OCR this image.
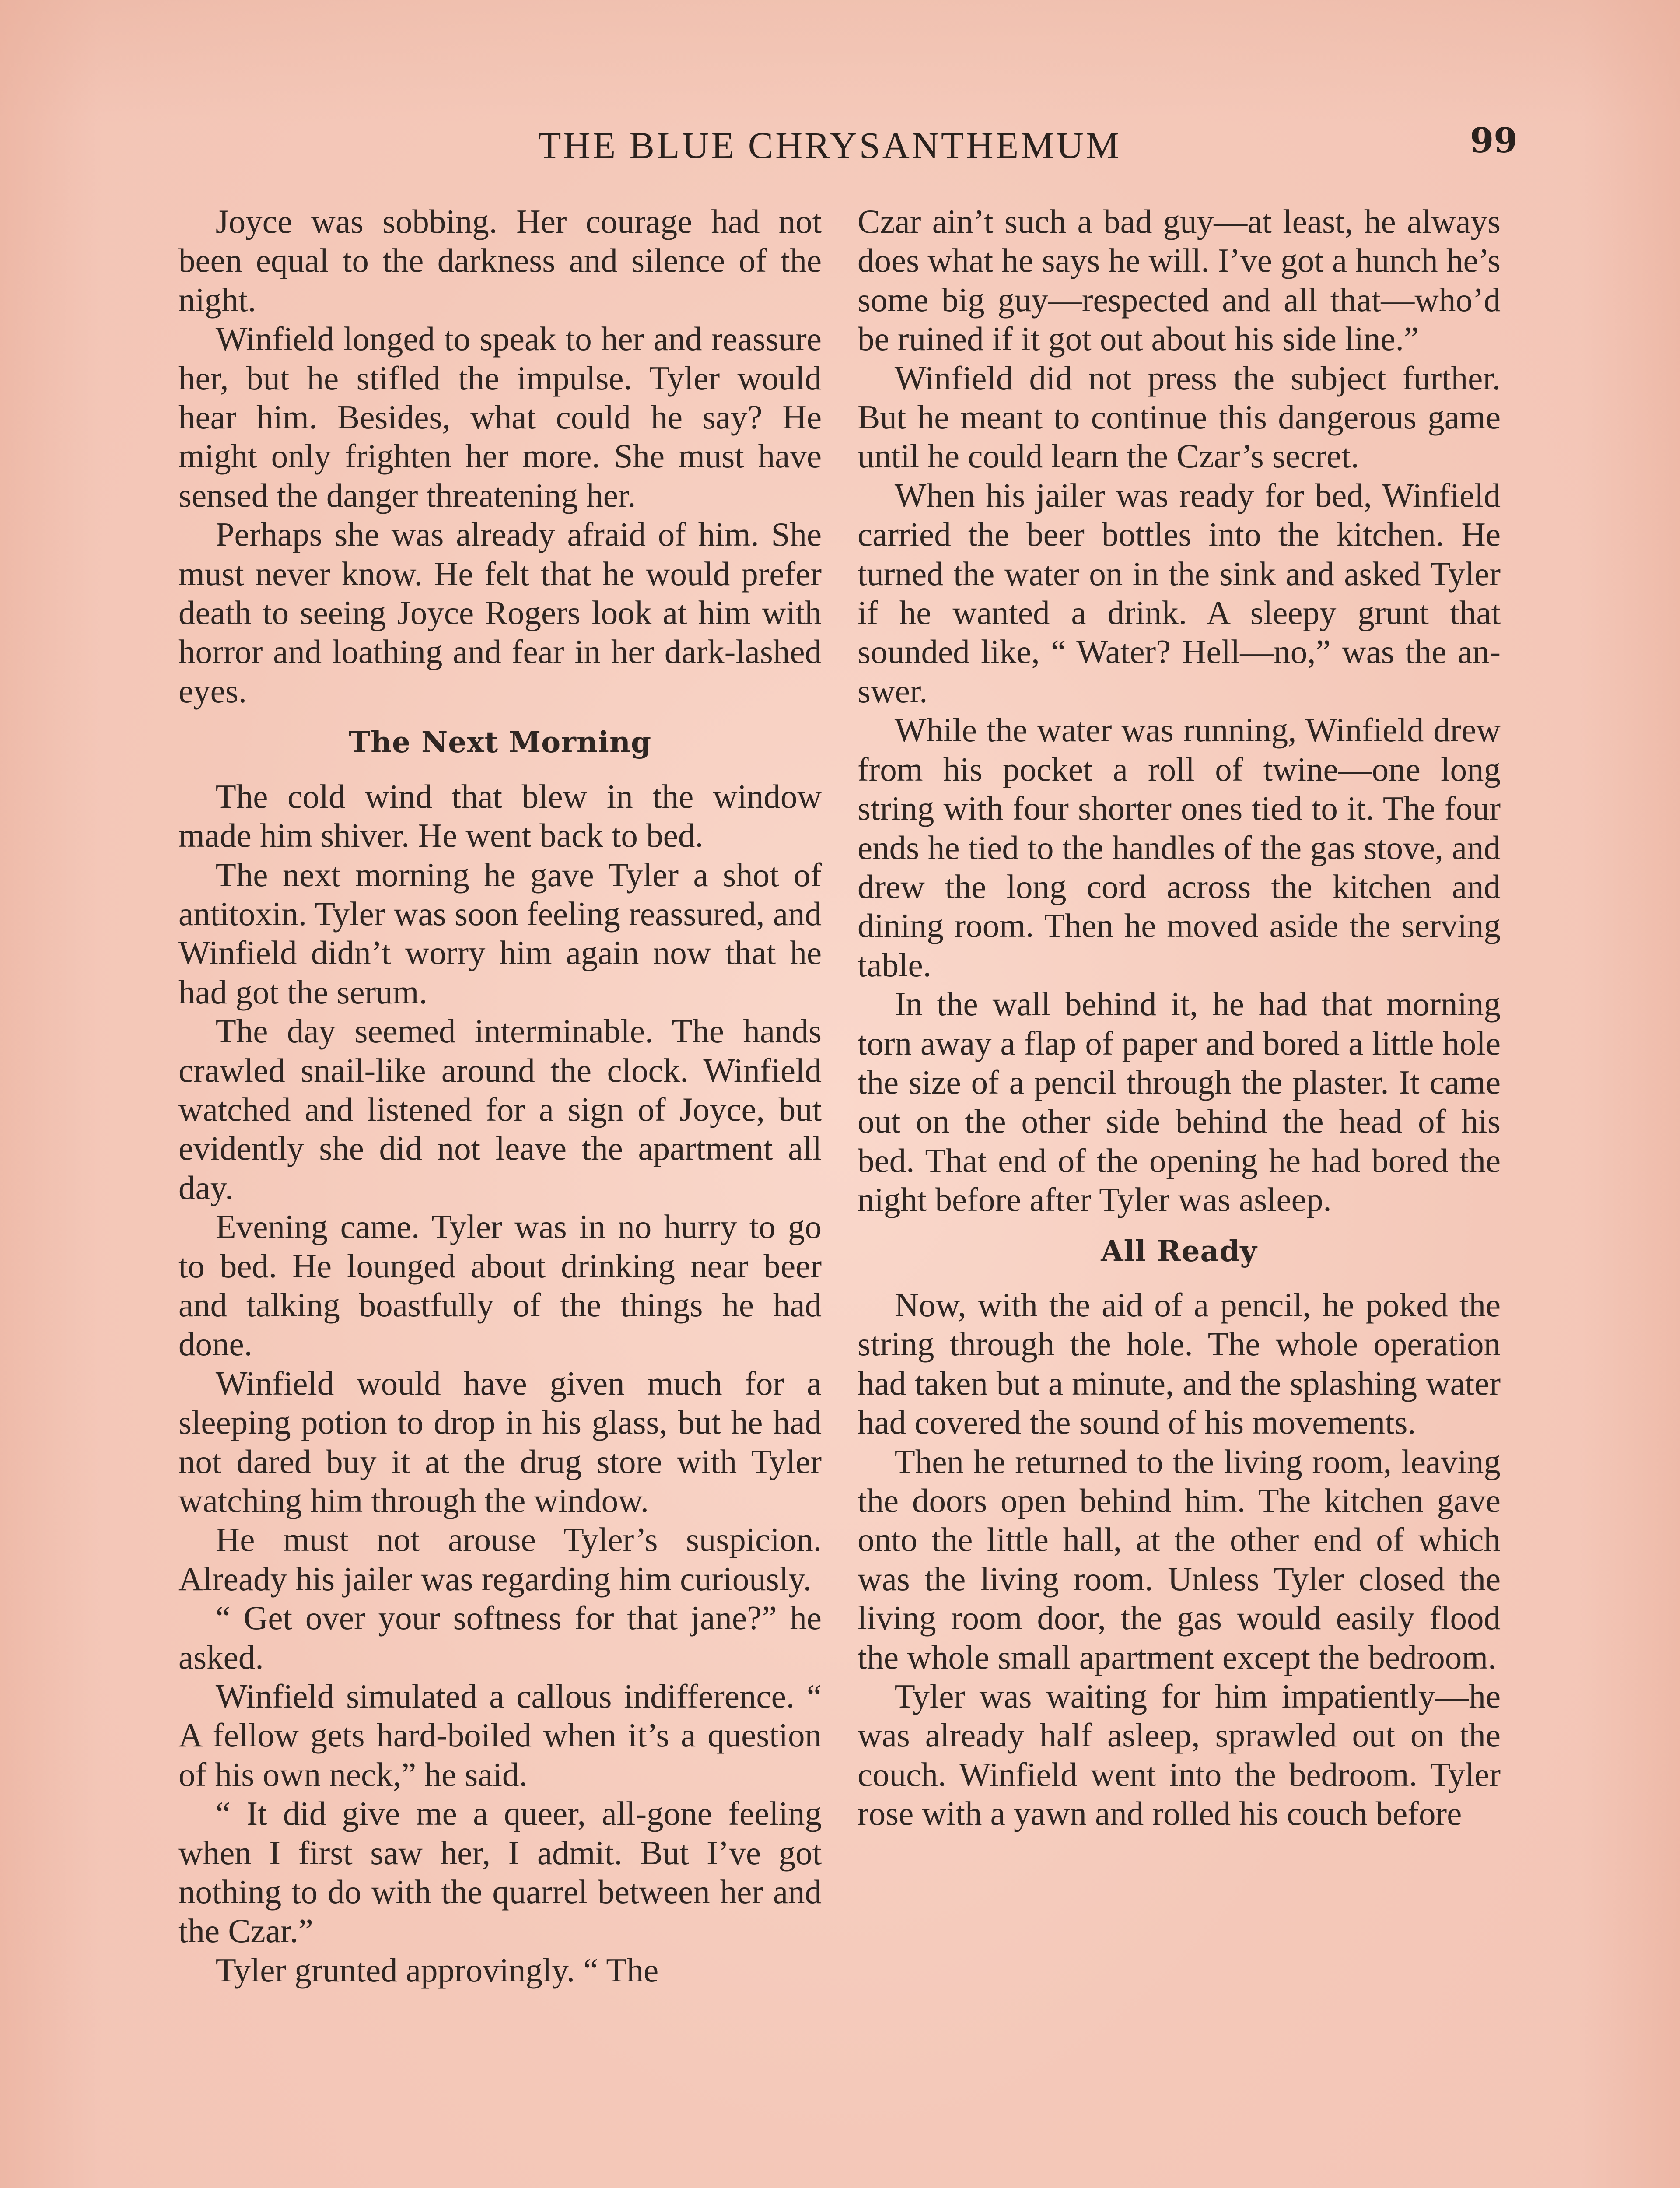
THE BLUE CHRYSANTHEMUM	99

Joyce was sobbing. Her courage had not been equal to the darkness and silence of the night.

Winfield longed to speak to her and reassure her, but he stifled the impulse. Tyler would hear him. Besides, what could he say? He might only frighten her more. She must have sensed the danger threatening her.

Perhaps she was already afraid of him. She must never know. He felt that he would prefer death to seeing Joyce Rogers look at him with horror and loathing and fear in her dark-lashed eyes.

The Next Morning

The cold wind that blew in the window made him shiver. He went back to bed.

The next morning he gave Tyler a shot of antitoxin. Tyler was soon feeling reassured, and Winfield didn’t worry him again now that he had got the serum.

The day seemed interminable. The hands crawled snail-like around the clock. Winfield watched and listened for a sign of Joyce, but evidently she did not leave the apartment all day.

Evening came. Tyler was in no hurry to go to bed. He lounged about drinking near beer and talking boastfully of the things he had done.

Winfield would have given much for a sleeping potion to drop in his glass, but he had not dared buy it at the drug store with Tyler watching him through the window.

He must not arouse Tyler’s suspicion. Already his jailer was regarding him curiously.

“ Get over your softness for that jane?” he asked.

Winfield simulated a callous indifference. “ A fellow gets hard-boiled when it’s a question of his own neck,” he said.

“ It did give me a queer, all-gone feeling when I first saw her, I admit. But I’ve got nothing to do with the quarrel between her and the Czar.”

Tyler grunted approvingly. “ The

Czar ain’t such a bad guy—at least, he always does what he says he will. I’ve got a hunch he’s some big guy—respected and all that—who’d be ruined if it got out about his side line.”

Winfield did not press the subject further. But he meant to continue this dangerous game until he could learn the Czar’s secret.

When his jailer was ready for bed, Winfield carried the beer bottles into the kitchen. He turned the water on in the sink and asked Tyler if he wanted a drink. A sleepy grunt that sounded like, “ Water? Hell—no,” was the answer.

While the water was running, Winfield drew from his pocket a roll of twine—one long string with four shorter ones tied to it. The four ends he tied to the handles of the gas stove, and drew the long cord across the kitchen and dining room. Then he moved aside the serving table.

In the wall behind it, he had that morning torn away a flap of paper and bored a little hole the size of a pencil through the plaster. It came out on the other side behind the head of his bed. That end of the opening he had bored the night before after Tyler was asleep.

All Ready

Now, with the aid of a pencil, he poked the string through the hole. The whole operation had taken but a minute, and the splashing water had covered the sound of his movements.

Then he returned to the living room, leaving the doors open behind him. The kitchen gave onto the little hall, at the other end of which was the living room. Unless Tyler closed the living room door, the gas would easily flood the whole small apartment except the bedroom.

Tyler was waiting for him impatiently—he was already half asleep, sprawled out on the couch. Winfield went into the bedroom. Tyler rose with a yawn and rolled his couch before
